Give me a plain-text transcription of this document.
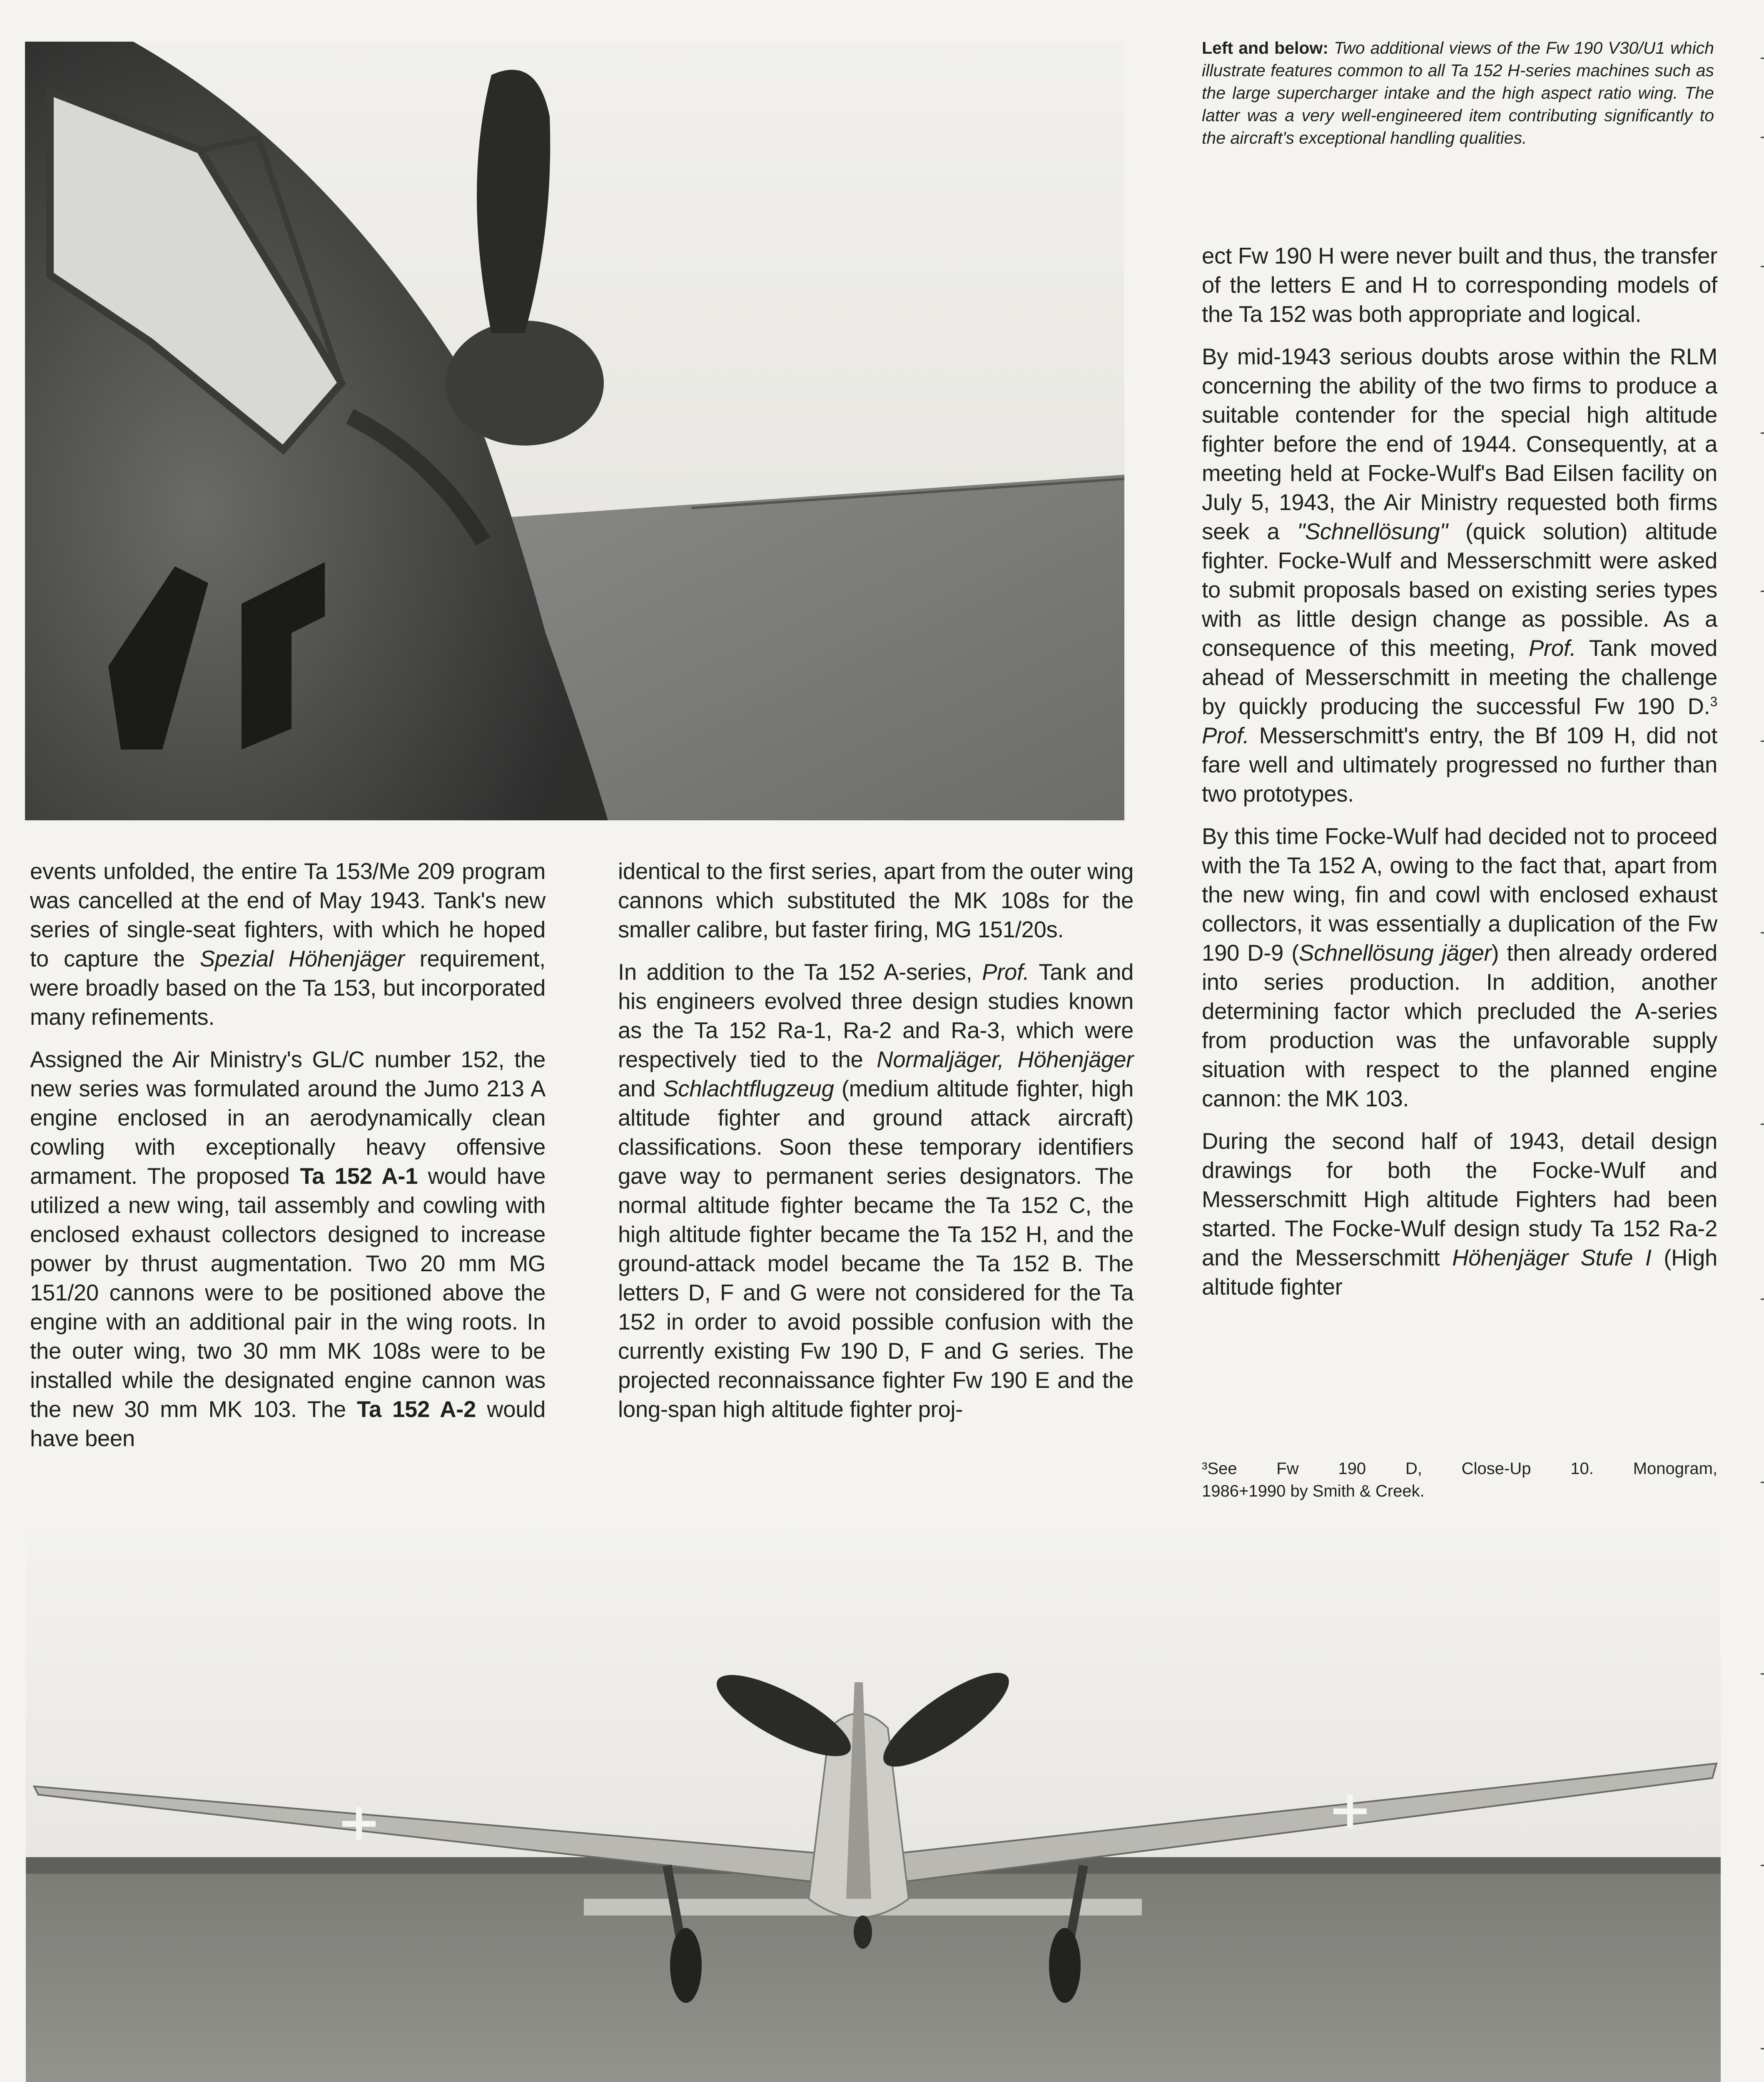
Left and below: Two additional views of the Fw 190 V30/U1 which illustrate features common to all Ta 152 H-series machines such as the large supercharger intake and the high aspect ratio wing. The latter was a very well-engineered item contributing significantly to the aircraft's exceptional handling qualities.

events unfolded, the entire Ta 153/Me 209 program was cancelled at the end of May 1943. Tank's new series of single-seat fighters, with which he hoped to capture the Spezial Höhenjäger requirement, were broadly based on the Ta 153, but incorporated many refinements.

Assigned the Air Ministry's GL/C number 152, the new series was formulated around the Jumo 213 A engine enclosed in an aerodynamically clean cowling with exceptionally heavy offensive armament. The proposed Ta 152 A-1 would have utilized a new wing, tail assembly and cowling with enclosed exhaust collectors designed to increase power by thrust augmentation. Two 20 mm MG 151/20 cannons were to be positioned above the engine with an additional pair in the wing roots. In the outer wing, two 30 mm MK 108s were to be installed while the designated engine cannon was the new 30 mm MK 103. The Ta 152 A-2 would have been

identical to the first series, apart from the outer wing cannons which substituted the MK 108s for the smaller calibre, but faster firing, MG 151/20s.

In addition to the Ta 152 A-series, Prof. Tank and his engineers evolved three design studies known as the Ta 152 Ra-1, Ra-2 and Ra-3, which were respectively tied to the Normaljäger, Höhenjäger and Schlachtflugzeug (medium altitude fighter, high altitude fighter and ground attack aircraft) classifications. Soon these temporary identifiers gave way to permanent series designators. The normal altitude fighter became the Ta 152 C, the high altitude fighter became the Ta 152 H, and the ground-attack model became the Ta 152 B. The letters D, F and G were not considered for the Ta 152 in order to avoid possible confusion with the currently existing Fw 190 D, F and G series. The projected reconnaissance fighter Fw 190 E and the long-span high altitude fighter proj-

ect Fw 190 H were never built and thus, the transfer of the letters E and H to corresponding models of the Ta 152 was both appropriate and logical.

By mid-1943 serious doubts arose within the RLM concerning the ability of the two firms to produce a suitable contender for the special high altitude fighter before the end of 1944. Consequently, at a meeting held at Focke-Wulf's Bad Eilsen facility on July 5, 1943, the Air Ministry requested both firms seek a "Schnellösung" (quick solution) altitude fighter. Focke-Wulf and Messerschmitt were asked to submit proposals based on existing series types with as little design change as possible. As a consequence of this meeting, Prof. Tank moved ahead of Messerschmitt in meeting the challenge by quickly producing the successful Fw 190 D.$^3$ Prof. Messerschmitt's entry, the Bf 109 H, did not fare well and ultimately progressed no further than two prototypes.

By this time Focke-Wulf had decided not to proceed with the Ta 152 A, owing to the fact that, apart from the new wing, fin and cowl with enclosed exhaust collectors, it was essentially a duplication of the Fw 190 D-9 (Schnellösung jäger) then already ordered into series production. In addition, another determining factor which precluded the A-series from production was the unfavorable supply situation with respect to the planned engine cannon: the MK 103.

During the second half of 1943, detail design drawings for both the Focke-Wulf and Messerschmitt High altitude Fighters had been started. The Focke-Wulf design study Ta 152 Ra-2 and the Messerschmitt Höhenjäger Stufe I (High altitude fighter

³See Fw 190 D, Close-Up 10. Monogram,
1986+1990 by Smith & Creek.
